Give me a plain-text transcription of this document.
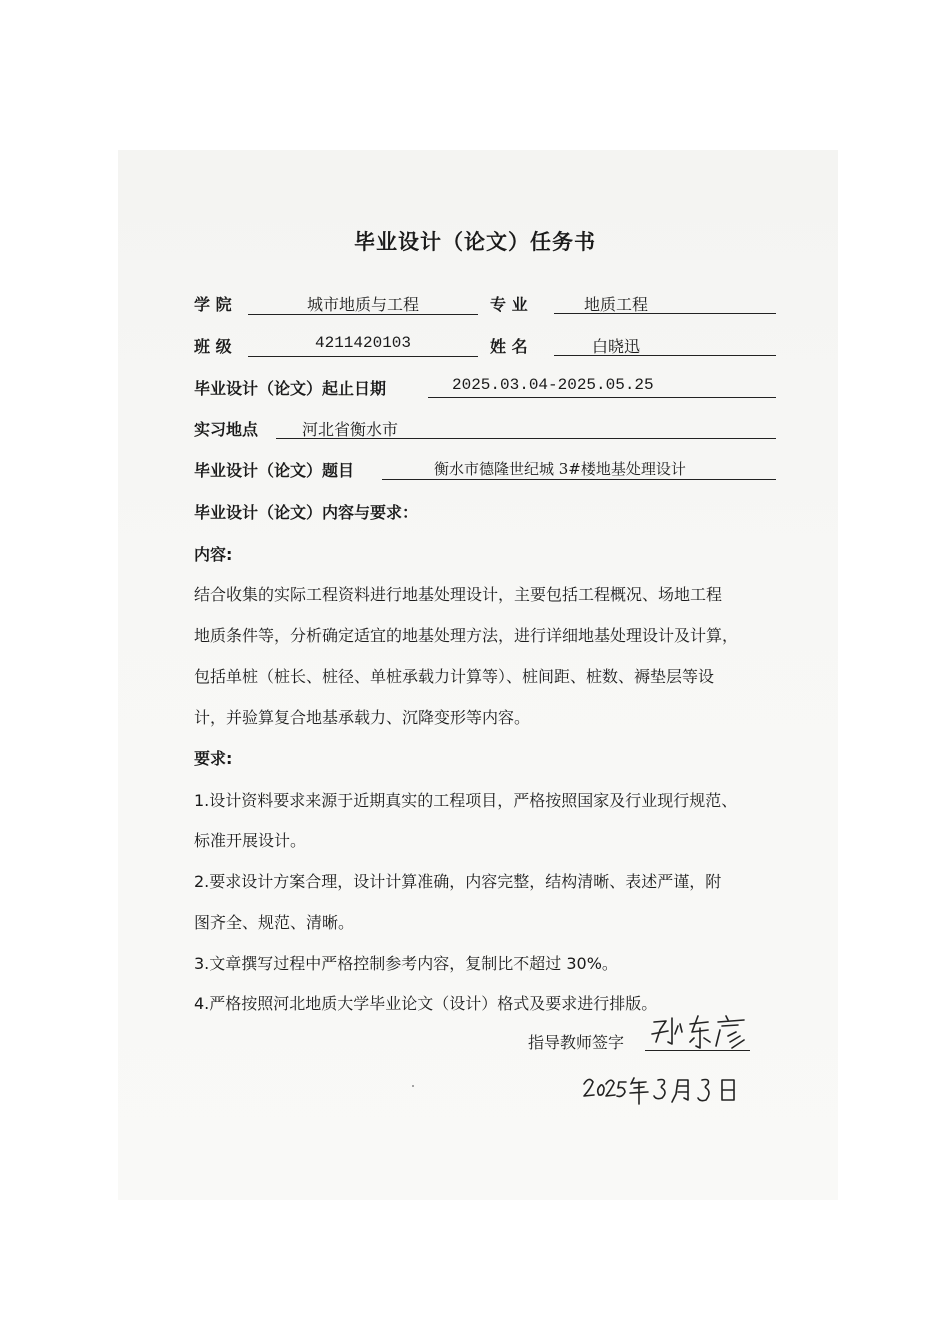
毕业设计（论文）任务书
学 院	城市地质与工程	专 业	地质工程
班 级	4211420103	姓 名	白晓迅
毕业设计（论文）起止日期	2025.03.04-2025.05.25
实习地点	河北省衡水市
毕业设计（论文）题目	衡水市德隆世纪城 3#楼地基处理设计
毕业设计（论文）内容与要求：
内容:
结合收集的实际工程资料进行地基处理设计，主要包括工程概况、场地工程
地质条件等，分析确定适宜的地基处理方法，进行详细地基处理设计及计算，
包括单桩（桩长、桩径、单桩承载力计算等）、桩间距、桩数、褥垫层等设
计，并验算复合地基承载力、沉降变形等内容。
要求:
1.设计资料要求来源于近期真实的工程项目，严格按照国家及行业现行规范、
标准开展设计。
2.要求设计方案合理，设计计算准确，内容完整，结构清晰、表述严谨，附
图齐全、规范、清晰。
3.文章撰写过程中严格控制参考内容，复制比不超过 30%。
4.严格按照河北地质大学毕业论文（设计）格式及要求进行排版。
指导教师签字
